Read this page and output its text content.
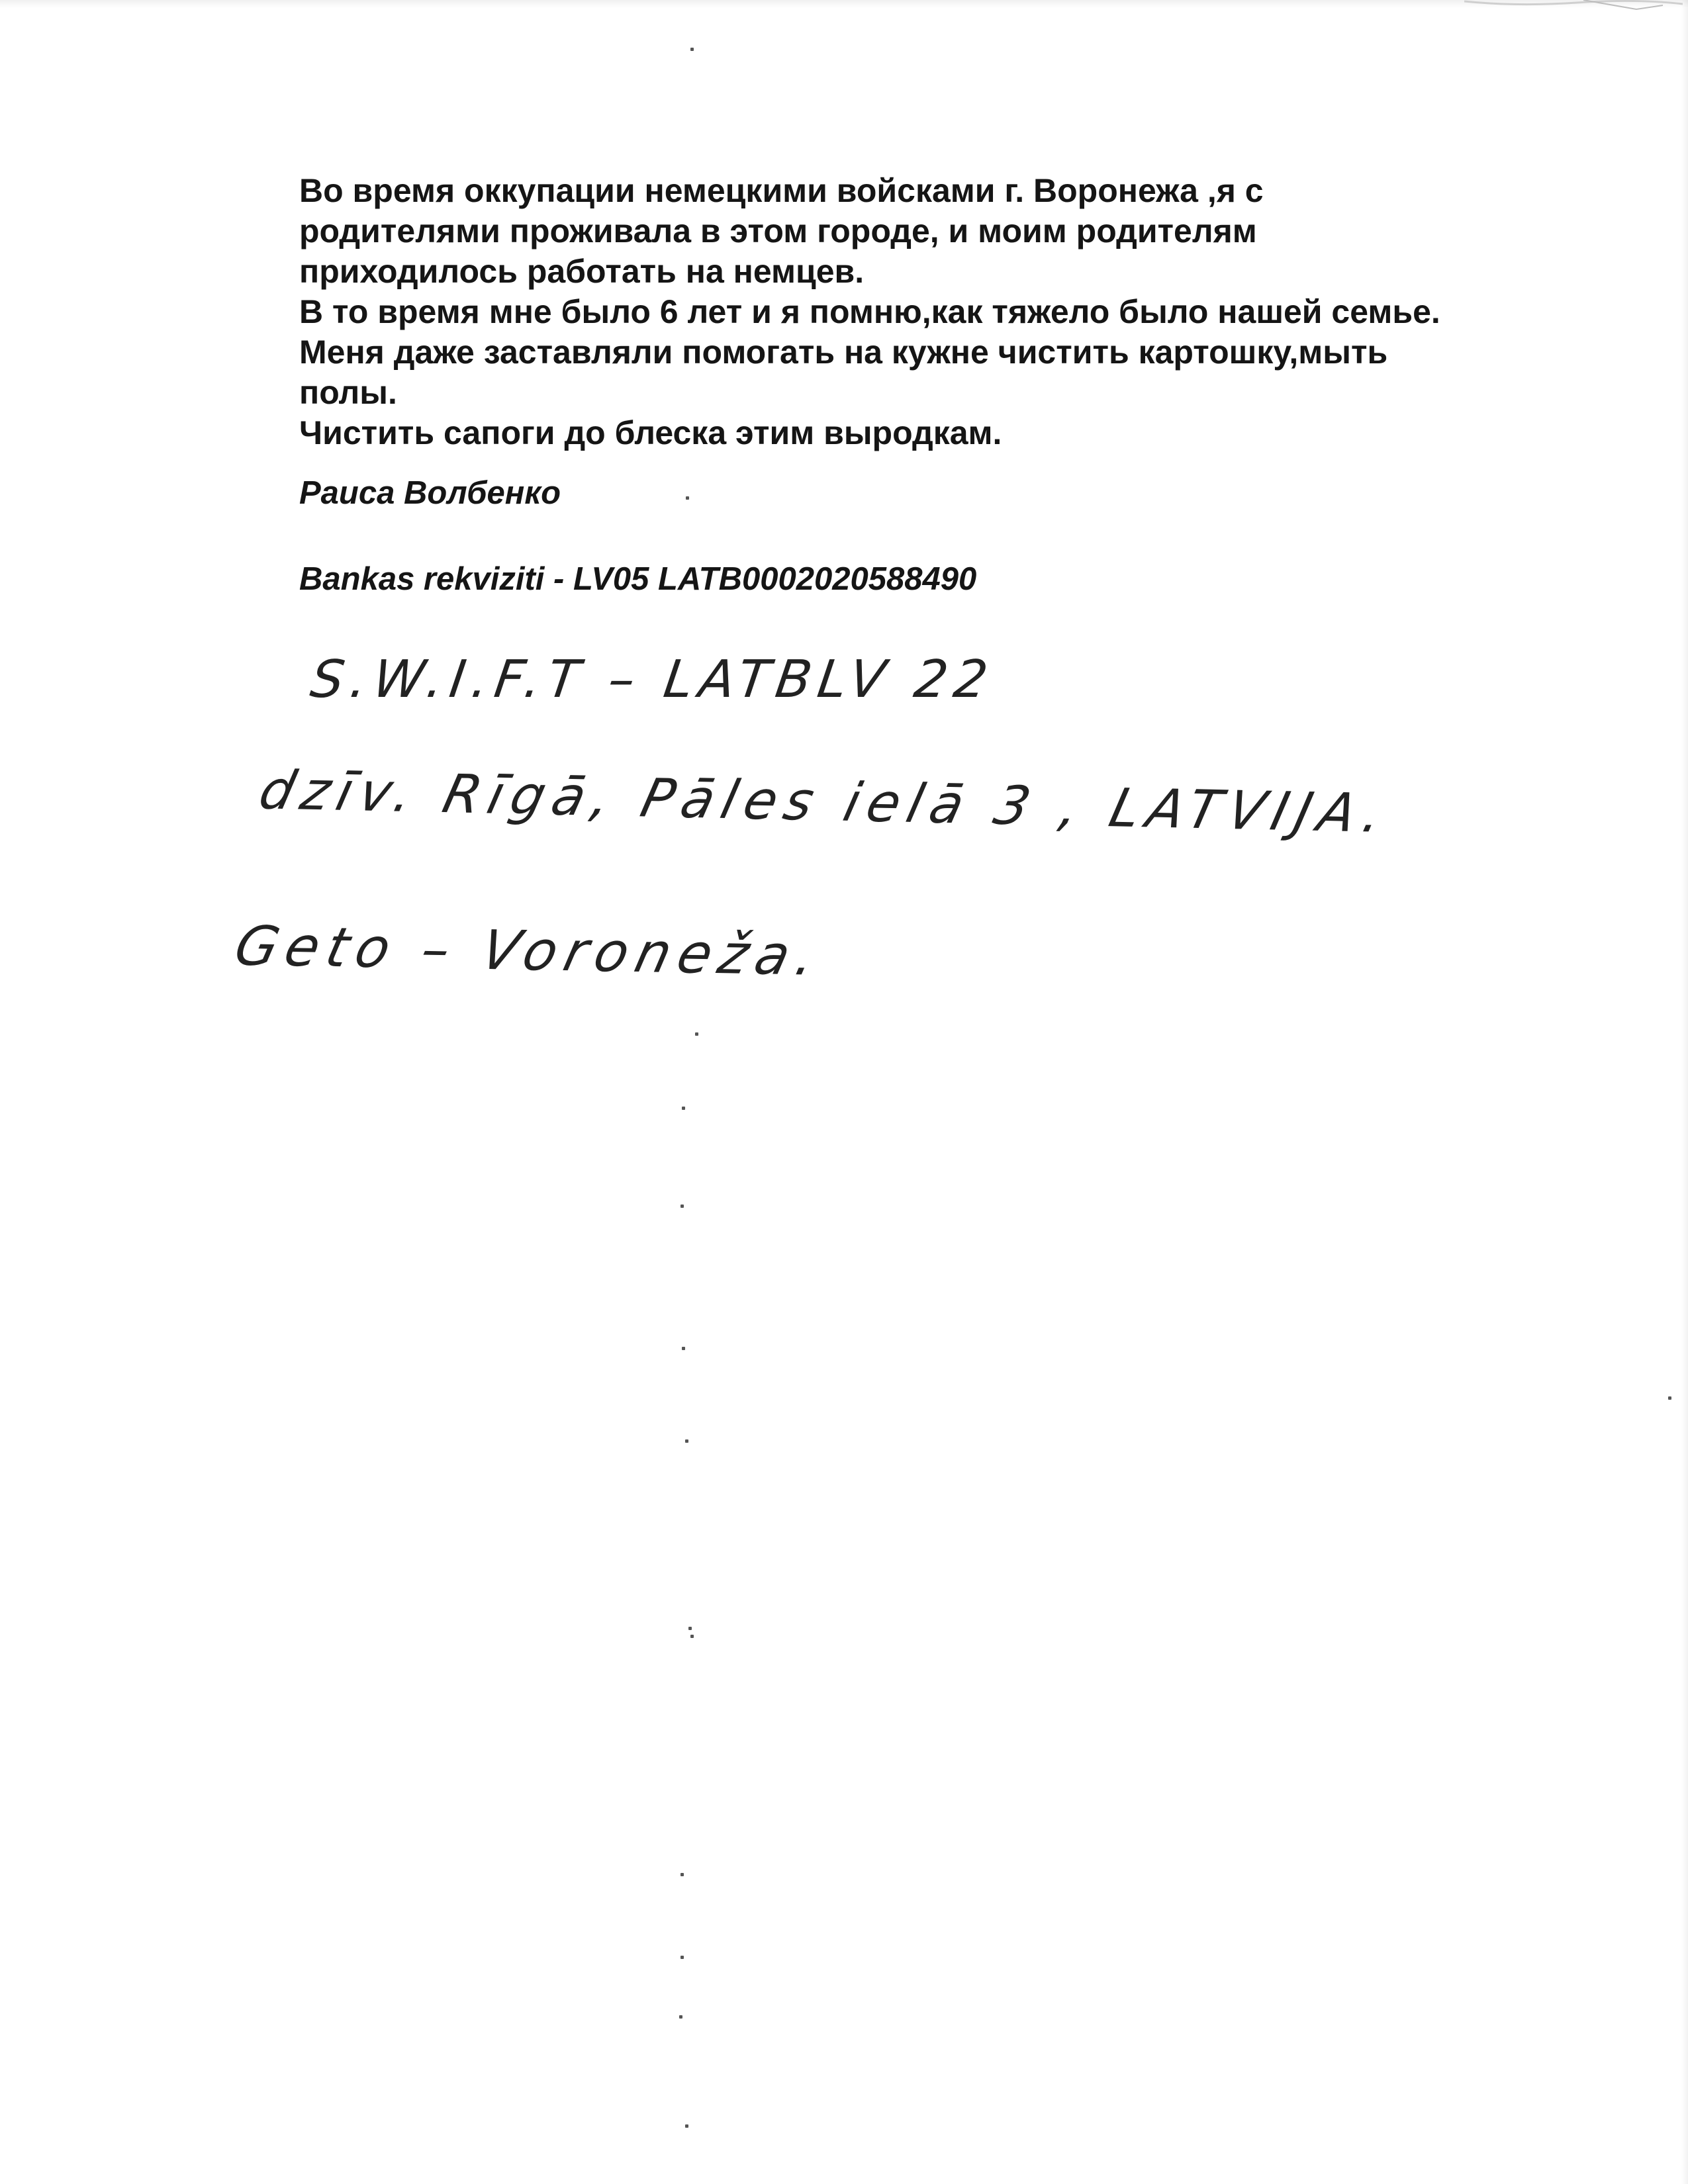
Во время оккупации немецкими войсками г. Воронежа ,я с
родителями проживала в этом городе, и моим родителям
приходилось работать на немцев.
В то время мне было 6 лет и я помню,как тяжело было нашей семье.
Меня даже заставляли помогать на кужне чистить картошку,мыть
полы.
Чистить сапоги до блеска этим выродкам.
Раиса Волбенко
Bankas rekviziti - LV05 LATB0002020588490
S.W.I.F.T – LATBLV 22
dzīv. Rīgā, Pāles ielā 3 , LATVIJA.
Geto – Voroneža.
